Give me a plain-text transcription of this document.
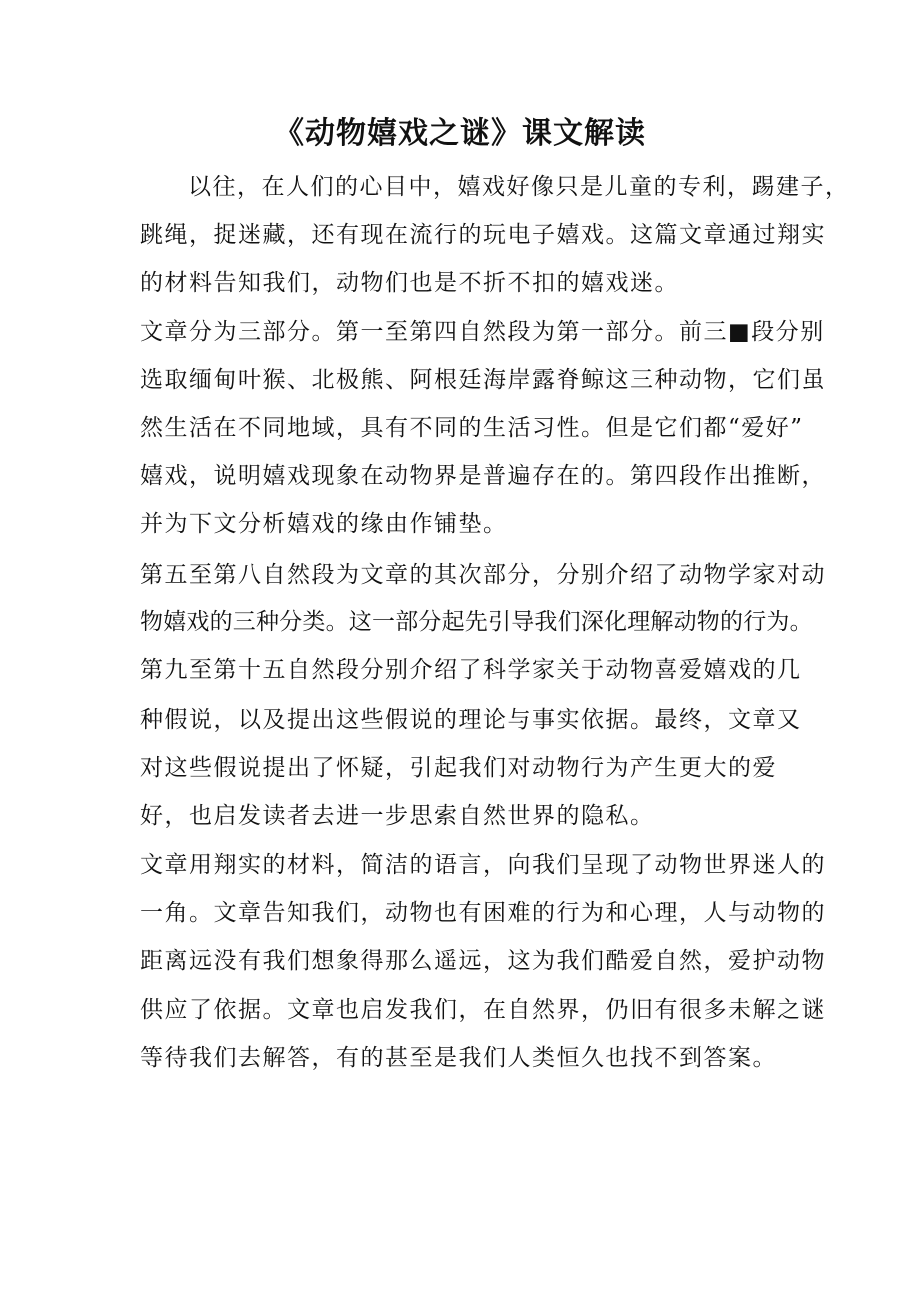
《动物嬉戏之谜》课文解读

以往，在人们的心目中，嬉戏好像只是儿童的专利，踢建子，

跳绳，捉迷藏，还有现在流行的玩电子嬉戏。这篇文章通过翔实

的材料告知我们，动物们也是不折不扣的嬉戏迷。

文章分为三部分。第一至第四自然段为第一部分。前三■段分别

选取缅甸叶猴、北极熊、阿根廷海岸露脊鲸这三种动物，它们虽

然生活在不同地域，具有不同的生活习性。但是它们都“爱好”

嬉戏，说明嬉戏现象在动物界是普遍存在的。第四段作出推断，

并为下文分析嬉戏的缘由作铺垫。

第五至第八自然段为文章的其次部分，分别介绍了动物学家对动

物嬉戏的三种分类。这一部分起先引导我们深化理解动物的行为。

第九至第十五自然段分别介绍了科学家关于动物喜爱嬉戏的几

种假说，以及提出这些假说的理论与事实依据。最终，文章又

对这些假说提出了怀疑，引起我们对动物行为产生更大的爱

好，也启发读者去进一步思索自然世界的隐私。

文章用翔实的材料，简洁的语言，向我们呈现了动物世界迷人的

一角。文章告知我们，动物也有困难的行为和心理，人与动物的

距离远没有我们想象得那么遥远，这为我们酷爱自然，爱护动物

供应了依据。文章也启发我们，在自然界，仍旧有很多未解之谜

等待我们去解答，有的甚至是我们人类恒久也找不到答案。
